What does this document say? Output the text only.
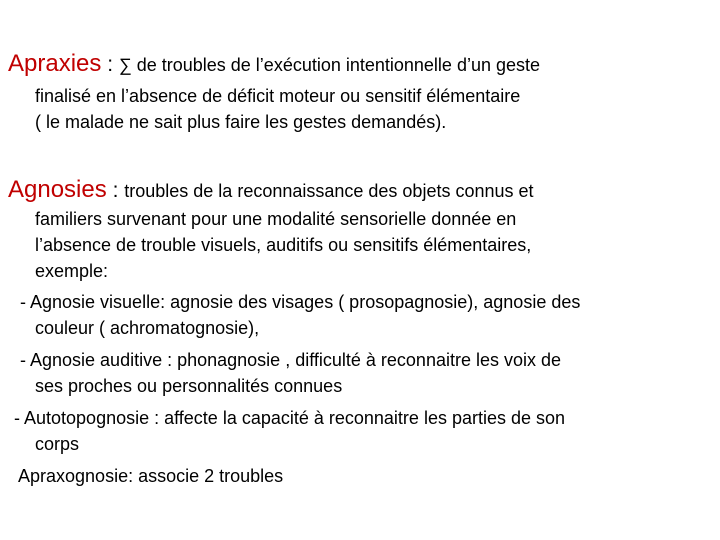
Apraxies : ∑ de troubles de l’exécution intentionnelle d’un geste
finalisé en l’absence de déficit moteur ou sensitif élémentaire
( le malade ne sait plus faire les gestes demandés).
Agnosies : troubles de la reconnaissance des objets connus et
familiers survenant pour une modalité sensorielle donnée en
l’absence de trouble visuels, auditifs ou sensitifs élémentaires,
exemple:
- Agnosie visuelle: agnosie des visages ( prosopagnosie), agnosie des
couleur ( achromatognosie),
- Agnosie auditive : phonagnosie , difficulté à reconnaitre les voix de
ses proches ou personnalités connues
- Autotopognosie : affecte la capacité à reconnaitre les parties de son
corps
Apraxognosie: associe 2 troubles
